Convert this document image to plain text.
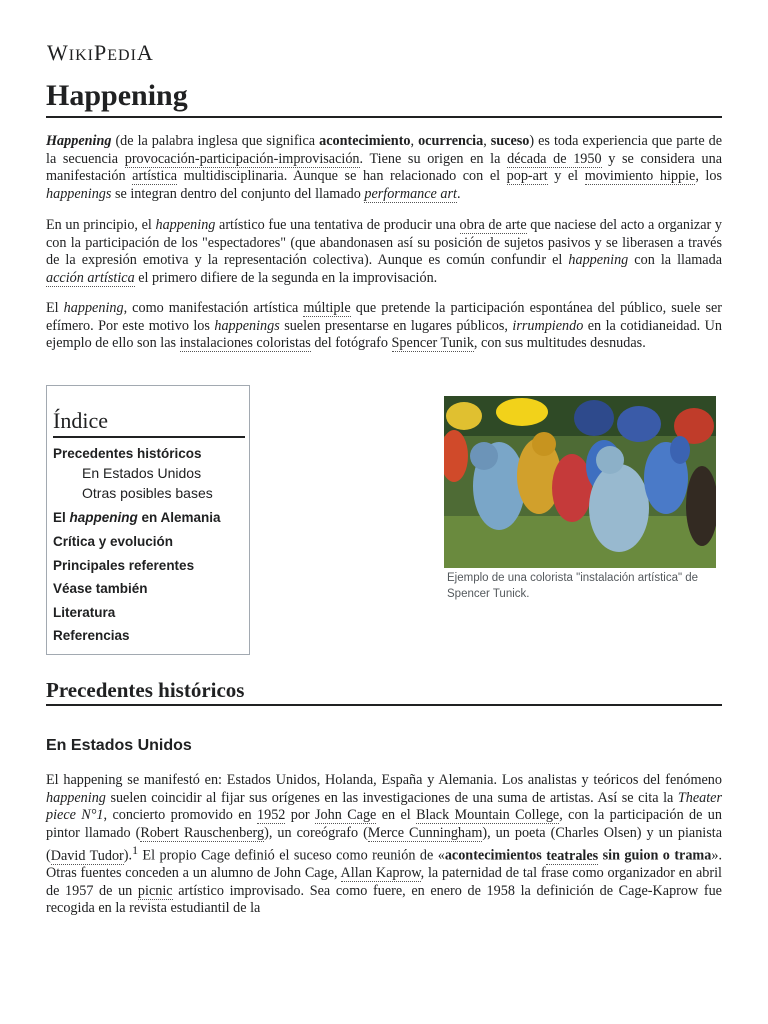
WIKIPEDIA
Happening

Happening (de la palabra inglesa que significa acontecimiento, ocurrencia, suceso) es toda experiencia que parte de la secuencia provocación-participación-improvisación. Tiene su origen en la década de 1950 y se considera una manifestación artística multidisciplinaria. Aunque se han relacionado con el pop-art y el movimiento hippie, los happenings se integran dentro del conjunto del llamado performance art.

En un principio, el happening artístico fue una tentativa de producir una obra de arte que naciese del acto a organizar y con la participación de los "espectadores" (que abandonasen así su posición de sujetos pasivos y se liberasen a través de la expresión emotiva y la representación colectiva). Aunque es común confundir el happening con la llamada acción artística el primero difiere de la segunda en la improvisación.

El happening, como manifestación artística múltiple que pretende la participación espontánea del público, suele ser efímero. Por este motivo los happenings suelen presentarse en lugares públicos, irrumpiendo en la cotidianeidad. Un ejemplo de ello son las instalaciones coloristas del fotógrafo Spencer Tunik, con sus multitudes desnudas.

Índice
Precedentes históricos
En Estados Unidos
Otras posibles bases
El happening en Alemania
Crítica y evolución
Principales referentes
Véase también
Literatura
Referencias
Ejemplo de una colorista "instalación artística" de Spencer Tunick.
Precedentes históricos
En Estados Unidos

El happening se manifestó en: Estados Unidos, Holanda, España y Alemania. Los analistas y teóricos del fenómeno happening suelen coincidir al fijar sus orígenes en las investigaciones de una suma de artistas. Así se cita la Theater piece N°1, concierto promovido en 1952 por John Cage en el Black Mountain College, con la participación de un pintor llamado (Robert Rauschenberg), un coreógrafo (Merce Cunningham), un poeta (Charles Olsen) y un pianista (David Tudor).$^1$ El propio Cage definió el suceso como reunión de «acontecimientos teatrales sin guion o trama». Otras fuentes conceden a un alumno de John Cage, Allan Kaprow, la paternidad de tal frase como organizador en abril de 1957 de un picnic artístico improvisado. Sea como fuere, en enero de 1958 la definición de Cage-Kaprow fue recogida en la revista estudiantil de la
